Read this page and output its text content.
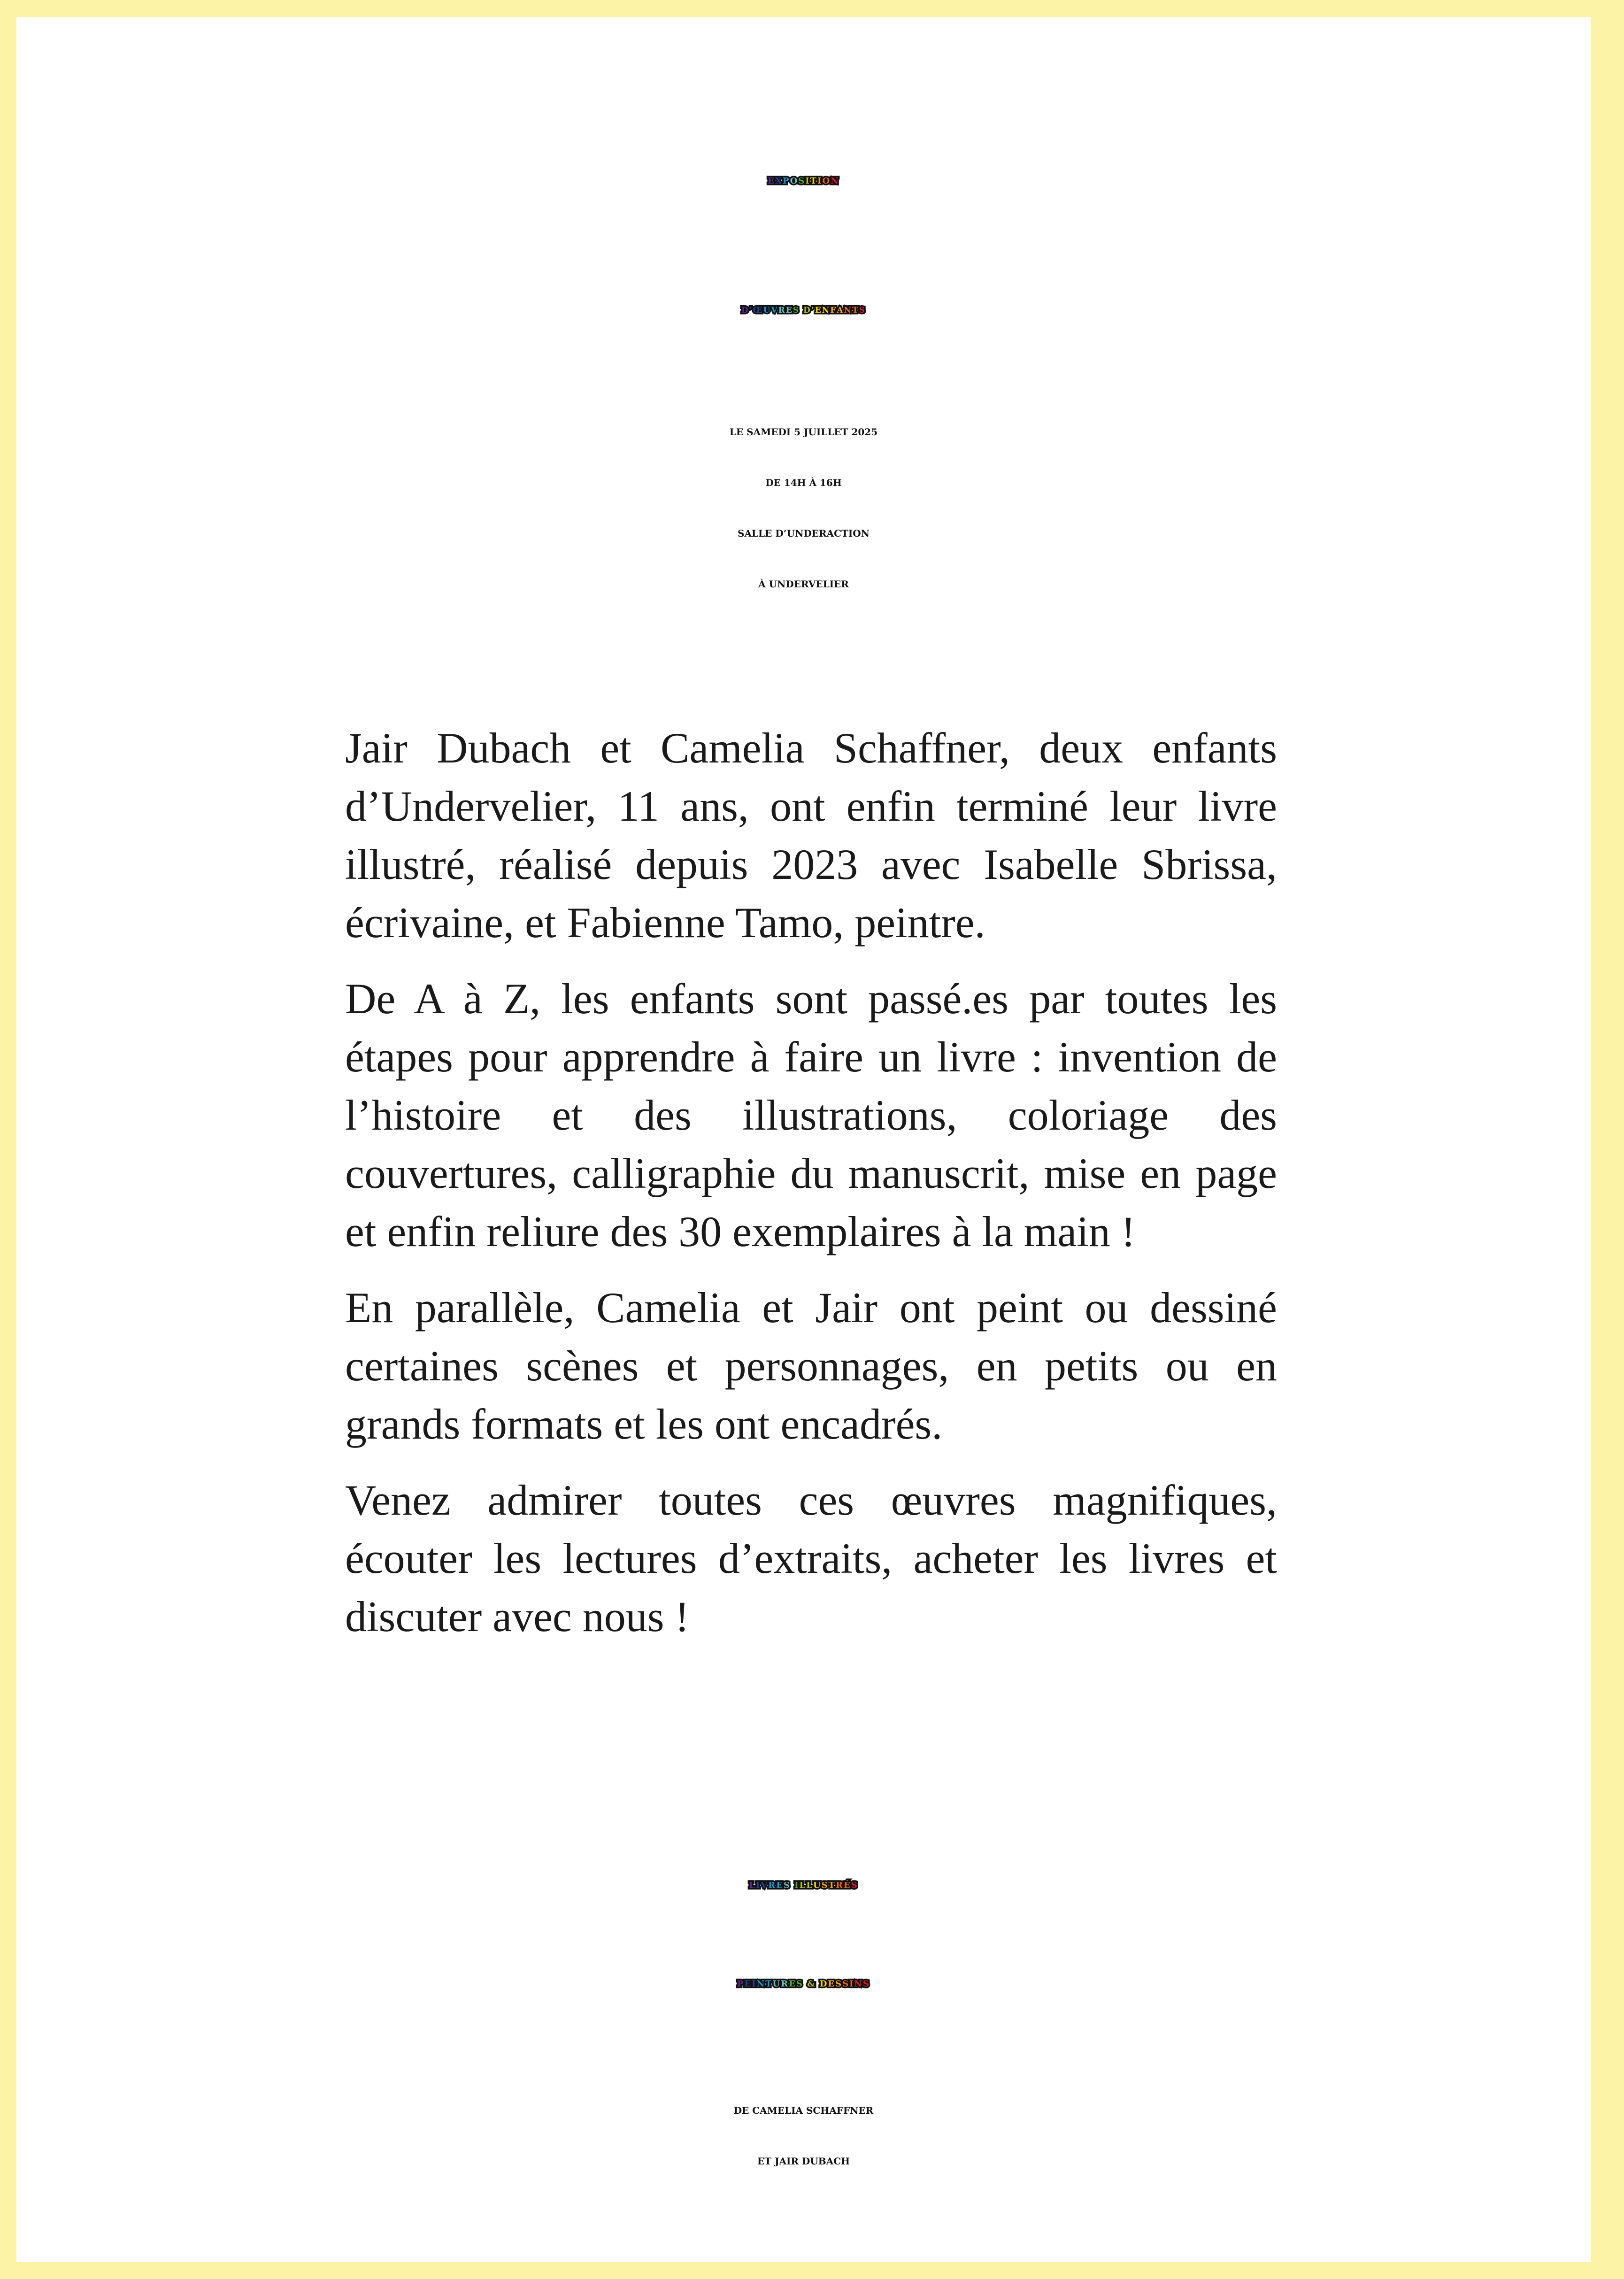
EXPOSITION
D’ŒUVRES D’ENFANTS
LE SAMEDI 5 JUILLET 2025
DE 14H À 16H
SALLE D’UNDERACTION
À UNDERVELIER

Jair Dubach et Camelia Schaffner, deux enfants d’Undervelier, 11 ans, ont enfin terminé leur livre illustré, réalisé depuis 2023 avec Isabelle Sbrissa, écrivaine, et Fabienne Tamo, peintre.

De A à Z, les enfants sont passé.es par toutes les étapes pour apprendre à faire un livre : invention de l’histoire et des illustrations, coloriage des couvertures, calligraphie du manuscrit, mise en page et enfin reliure des 30 exemplaires à la main !

En parallèle, Camelia et Jair ont peint ou dessiné certaines scènes et personnages, en petits ou en grands formats et les ont encadrés.

Venez admirer toutes ces œuvres magnifiques, écouter les lectures d’extraits, acheter les livres et discuter avec nous !

LIVRES ILLUSTRÉS
PEINTURES & DESSINS
DE CAMELIA SCHAFFNER
ET JAIR DUBACH
